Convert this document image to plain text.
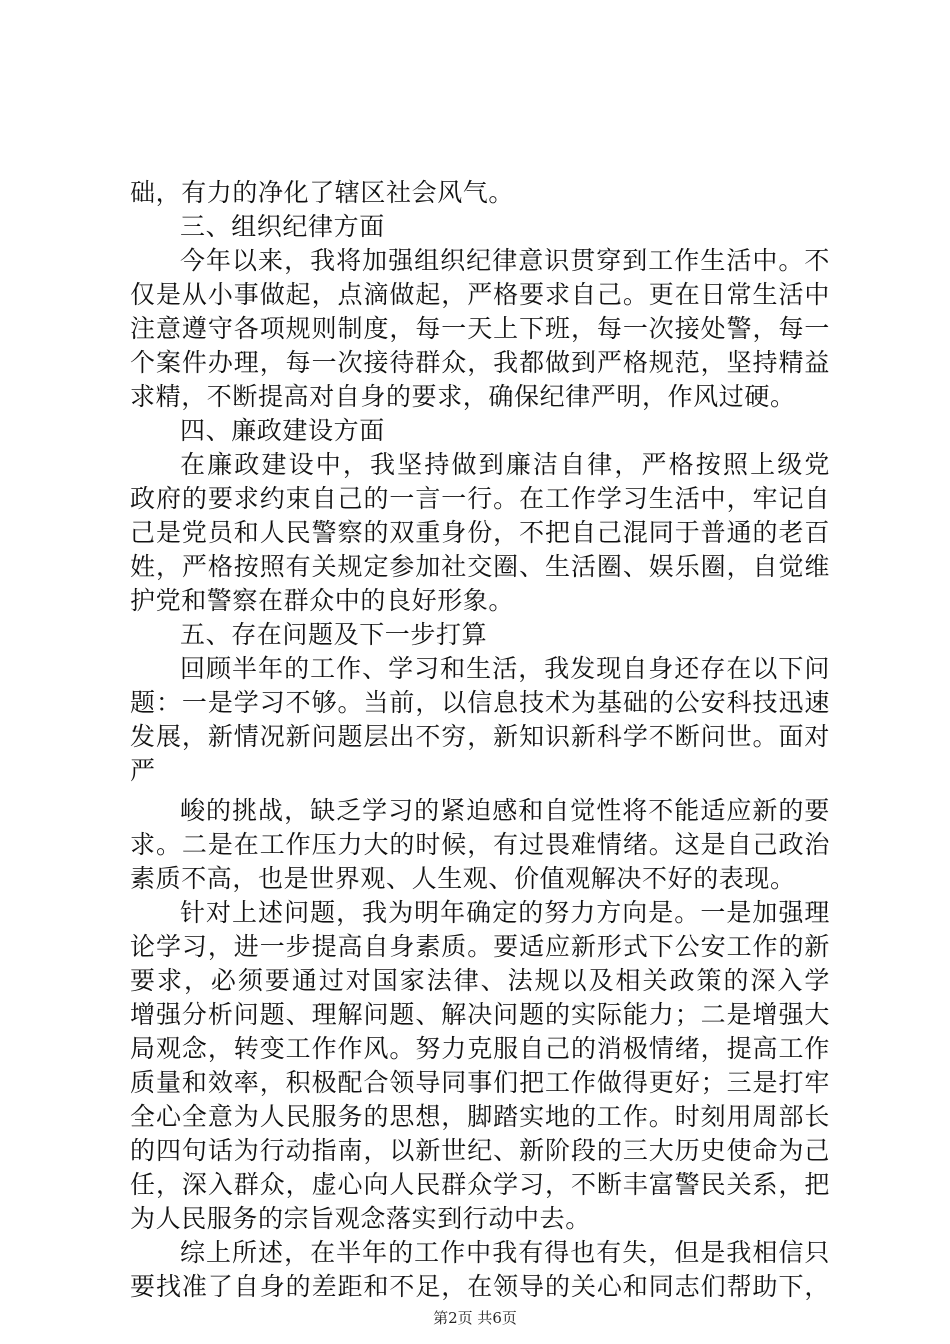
础，有力的净化了辖区社会风气。
三、组织纪律方面
今年以来，我将加强组织纪律意识贯穿到工作生活中。不
仅是从小事做起，点滴做起，严格要求自己。更在日常生活中
注意遵守各项规则制度，每一天上下班，每一次接处警，每一
个案件办理，每一次接待群众，我都做到严格规范，坚持精益
求精，不断提高对自身的要求，确保纪律严明，作风过硬。
四、廉政建设方面
在廉政建设中，我坚持做到廉洁自律，严格按照上级党
政府的要求约束自己的一言一行。在工作学习生活中，牢记自
己是党员和人民警察的双重身份，不把自己混同于普通的老百
姓，严格按照有关规定参加社交圈、生活圈、娱乐圈，自觉维
护党和警察在群众中的良好形象。
五、存在问题及下一步打算
回顾半年的工作、学习和生活，我发现自身还存在以下问
题：一是学习不够。当前，以信息技术为基础的公安科技迅速
发展，新情况新问题层出不穷，新知识新科学不断问世。面对
严
峻的挑战，缺乏学习的紧迫感和自觉性将不能适应新的要
求。二是在工作压力大的时候，有过畏难情绪。这是自己政治
素质不高，也是世界观、人生观、价值观解决不好的表现。
针对上述问题，我为明年确定的努力方向是。一是加强理
论学习，进一步提高自身素质。要适应新形式下公安工作的新
要求，必须要通过对国家法律、法规以及相关政策的深入学
增强分析问题、理解问题、解决问题的实际能力；二是增强大
局观念，转变工作作风。努力克服自己的消极情绪，提高工作
质量和效率，积极配合领导同事们把工作做得更好；三是打牢
全心全意为人民服务的思想，脚踏实地的工作。时刻用周部长
的四句话为行动指南，以新世纪、新阶段的三大历史使命为己
任，深入群众，虚心向人民群众学习，不断丰富警民关系，把
为人民服务的宗旨观念落实到行动中去。
综上所述，在半年的工作中我有得也有失，但是我相信只
要找准了自身的差距和不足，在领导的关心和同志们帮助下，
第2页 共6页
